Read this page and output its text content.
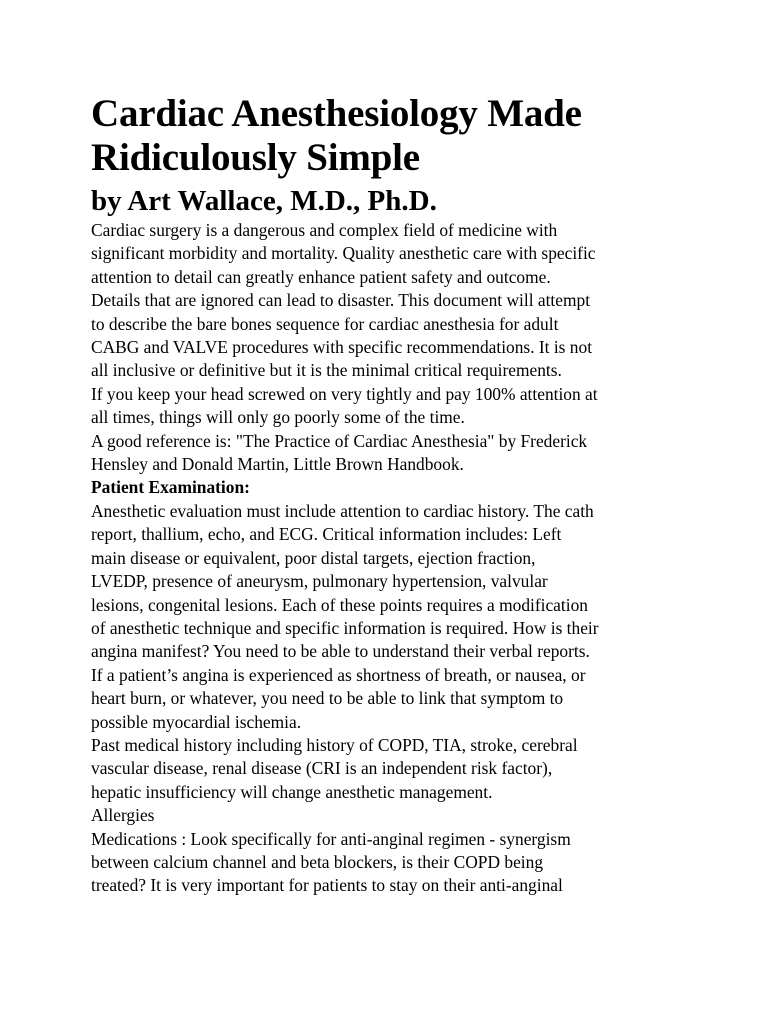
Cardiac Anesthesiology Made
Ridiculously Simple
by Art Wallace, M.D., Ph.D.

Cardiac surgery is a dangerous and complex field of medicine with
significant morbidity and mortality. Quality anesthetic care with specific
attention to detail can greatly enhance patient safety and outcome.
Details that are ignored can lead to disaster. This document will attempt
to describe the bare bones sequence for cardiac anesthesia for adult
CABG and VALVE procedures with specific recommendations. It is not
all inclusive or definitive but it is the minimal critical requirements.

If you keep your head screwed on very tightly and pay 100% attention at
all times, things will only go poorly some of the time.

A good reference is: "The Practice of Cardiac Anesthesia" by Frederick
Hensley and Donald Martin, Little Brown Handbook.

Patient Examination:

Anesthetic evaluation must include attention to cardiac history. The cath
report, thallium, echo, and ECG. Critical information includes: Left
main disease or equivalent, poor distal targets, ejection fraction,
LVEDP, presence of aneurysm, pulmonary hypertension, valvular
lesions, congenital lesions. Each of these points requires a modification
of anesthetic technique and specific information is required. How is their
angina manifest? You need to be able to understand their verbal reports.
If a patient’s angina is experienced as shortness of breath, or nausea, or
heart burn, or whatever, you need to be able to link that symptom to
possible myocardial ischemia.

Past medical history including history of COPD, TIA, stroke, cerebral
vascular disease, renal disease (CRI is an independent risk factor),
hepatic insufficiency will change anesthetic management.

Allergies

Medications : Look specifically for anti-anginal regimen - synergism
between calcium channel and beta blockers, is their COPD being
treated? It is very important for patients to stay on their anti-anginal
